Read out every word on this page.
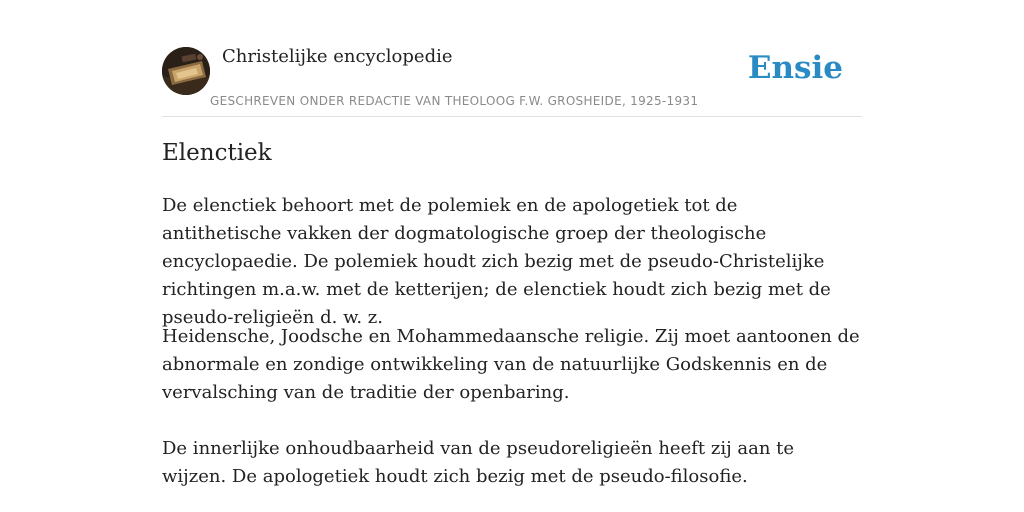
Christelijke encyclopedie
GESCHREVEN ONDER REDACTIE VAN THEOLOOG F.W. GROSHEIDE, 1925-1931
Ensie
Elenctiek

De elenctiek behoort met de polemiek en de apologetiek tot de antithetische vakken der dogmatologische groep der theologische encyclopaedie. De polemiek houdt zich bezig met de pseudo-Christelijke richtingen m.a.w. met de ketterijen; de elenctiek houdt zich bezig met de pseudo-religieën d. w. z.

Heidensche, Joodsche en Mohammedaansche religie. Zij moet aantoonen de abnormale en zondige ontwikkeling van de natuurlijke Godskennis en de vervalsching van de traditie der openbaring.

De innerlijke onhoudbaarheid van de pseudoreligieën heeft zij aan te wijzen. De apologetiek houdt zich bezig met de pseudo-filosofie.
